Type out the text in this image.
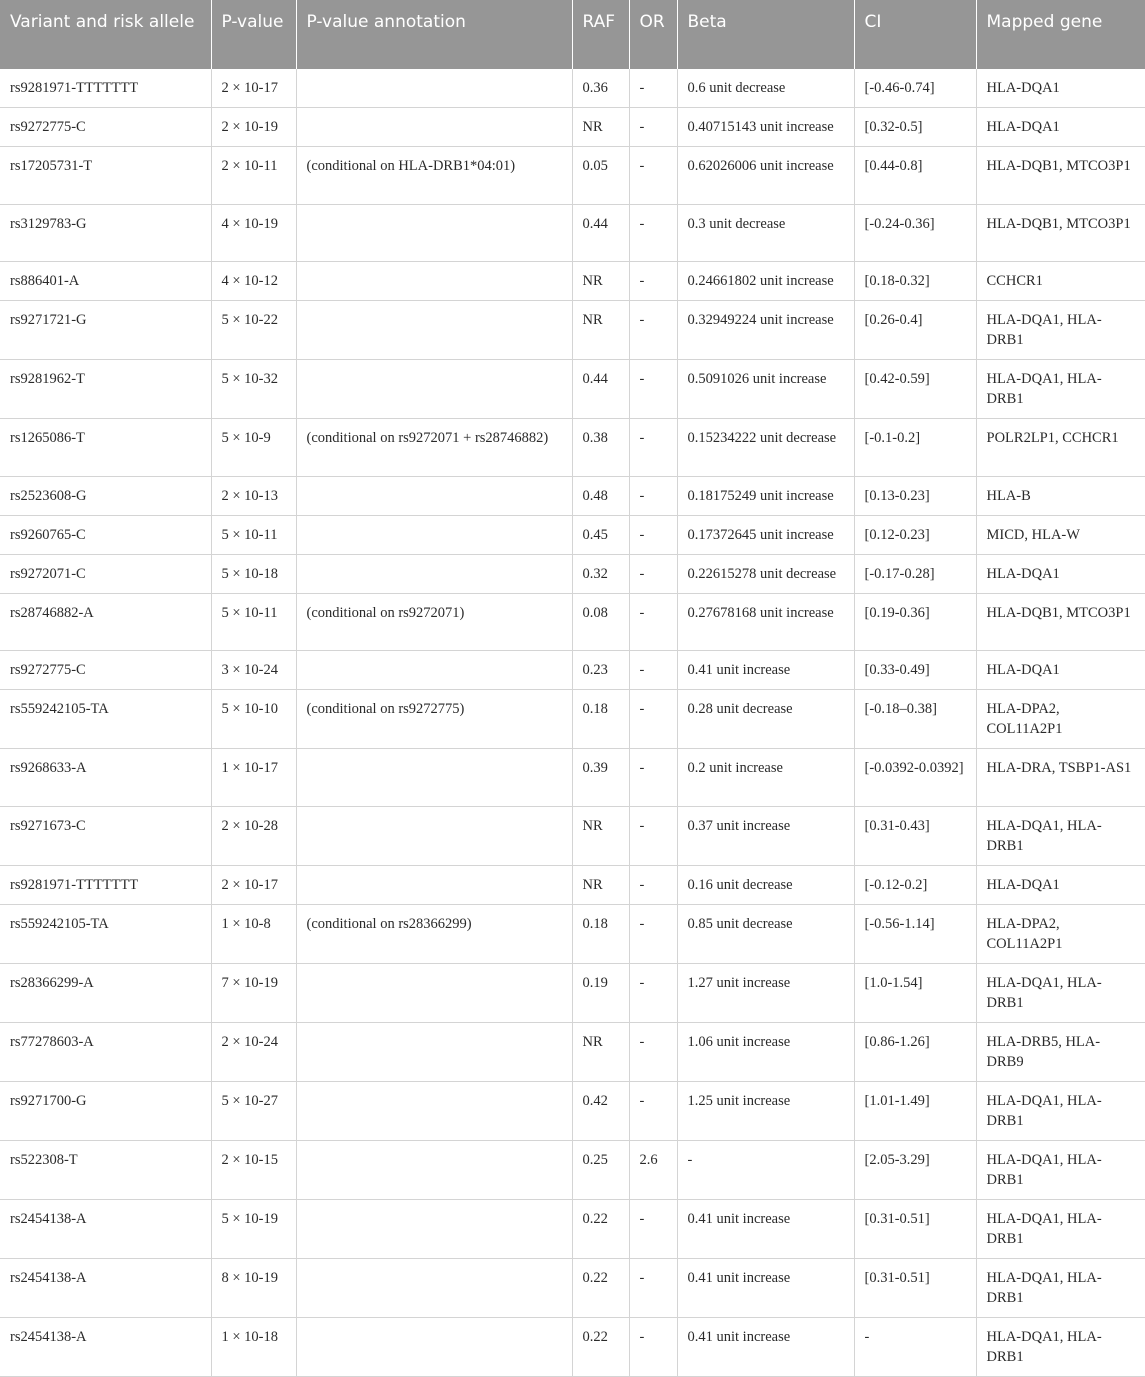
Variant and risk allele	P-value	P-value annotation	RAF	OR	Beta	CI	Mapped gene
rs9281971-TTTTTTT	2 × 10-17		0.36	-	0.6 unit decrease	[-0.46-0.74]	HLA-DQA1
rs9272775-C	2 × 10-19		NR	-	0.40715143 unit increase	[0.32-0.5]	HLA-DQA1
rs17205731-T	2 × 10-11	(conditional on HLA-DRB1*04:01)	0.05	-	0.62026006 unit increase	[0.44-0.8]	HLA-DQB1, MTCO3P1
rs3129783-G	4 × 10-19		0.44	-	0.3 unit decrease	[-0.24-0.36]	HLA-DQB1, MTCO3P1
rs886401-A	4 × 10-12		NR	-	0.24661802 unit increase	[0.18-0.32]	CCHCR1
rs9271721-G	5 × 10-22		NR	-	0.32949224 unit increase	[0.26-0.4]	HLA-DQA1, HLA-DRB1
rs9281962-T	5 × 10-32		0.44	-	0.5091026 unit increase	[0.42-0.59]	HLA-DQA1, HLA-DRB1
rs1265086-T	5 × 10-9	(conditional on rs9272071 + rs28746882)	0.38	-	0.15234222 unit decrease	[-0.1-0.2]	POLR2LP1, CCHCR1
rs2523608-G	2 × 10-13		0.48	-	0.18175249 unit increase	[0.13-0.23]	HLA-B
rs9260765-C	5 × 10-11		0.45	-	0.17372645 unit increase	[0.12-0.23]	MICD, HLA-W
rs9272071-C	5 × 10-18		0.32	-	0.22615278 unit decrease	[-0.17-0.28]	HLA-DQA1
rs28746882-A	5 × 10-11	(conditional on rs9272071)	0.08	-	0.27678168 unit increase	[0.19-0.36]	HLA-DQB1, MTCO3P1
rs9272775-C	3 × 10-24		0.23	-	0.41 unit increase	[0.33-0.49]	HLA-DQA1
rs559242105-TA	5 × 10-10	(conditional on rs9272775)	0.18	-	0.28 unit decrease	[-0.18–0.38]	HLA-DPA2, COL11A2P1
rs9268633-A	1 × 10-17		0.39	-	0.2 unit increase	[-0.0392-0.0392]	HLA-DRA, TSBP1-AS1
rs9271673-C	2 × 10-28		NR	-	0.37 unit increase	[0.31-0.43]	HLA-DQA1, HLA-DRB1
rs9281971-TTTTTTT	2 × 10-17		NR	-	0.16 unit decrease	[-0.12-0.2]	HLA-DQA1
rs559242105-TA	1 × 10-8	(conditional on rs28366299)	0.18	-	0.85 unit decrease	[-0.56-1.14]	HLA-DPA2, COL11A2P1
rs28366299-A	7 × 10-19		0.19	-	1.27 unit increase	[1.0-1.54]	HLA-DQA1, HLA-DRB1
rs77278603-A	2 × 10-24		NR	-	1.06 unit increase	[0.86-1.26]	HLA-DRB5, HLA-DRB9
rs9271700-G	5 × 10-27		0.42	-	1.25 unit increase	[1.01-1.49]	HLA-DQA1, HLA-DRB1
rs522308-T	2 × 10-15		0.25	2.6	-	[2.05-3.29]	HLA-DQA1, HLA-DRB1
rs2454138-A	5 × 10-19		0.22	-	0.41 unit increase	[0.31-0.51]	HLA-DQA1, HLA-DRB1
rs2454138-A	8 × 10-19		0.22	-	0.41 unit increase	[0.31-0.51]	HLA-DQA1, HLA-DRB1
rs2454138-A	1 × 10-18		0.22	-	0.41 unit increase	-	HLA-DQA1, HLA-DRB1
